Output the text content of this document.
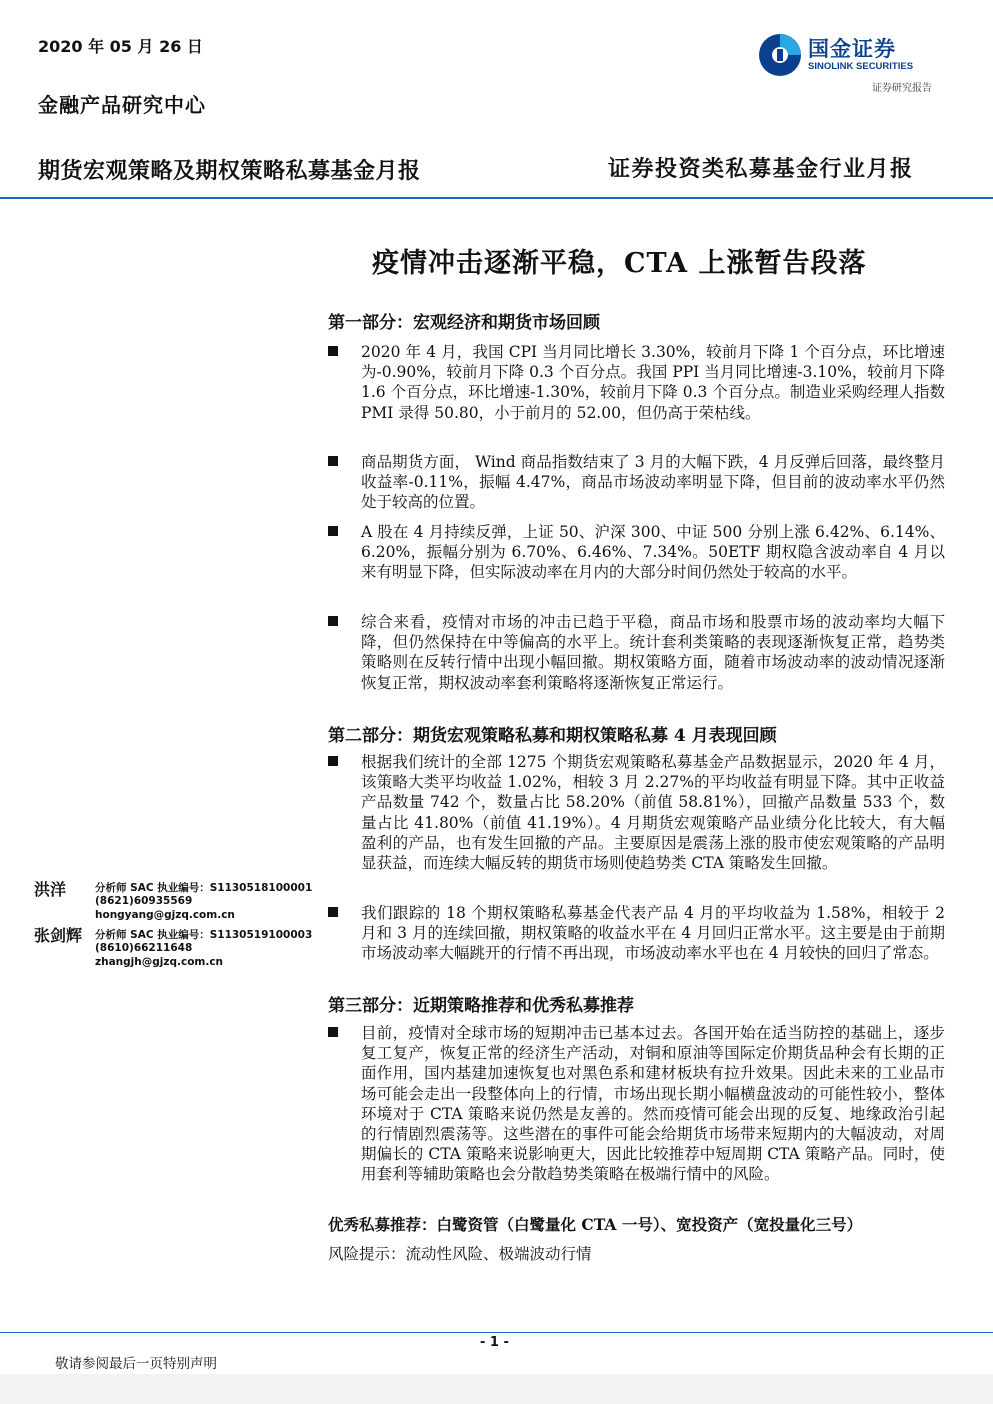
2020 年 05 月 26 日
金融产品研究中心
国金证券
SINOLINK SECURITIES
证券研究报告
期货宏观策略及期权策略私募基金月报	证券投资类私募基金行业月报
疫情冲击逐渐平稳，CTA 上涨暂告段落
第一部分：宏观经济和期货市场回顾
2020 年 4 月，我国 CPI 当月同比增长 3.30%，较前月下降 1 个百分点，环比增速为-0.90%，较前月下降 0.3 个百分点。我国 PPI 当月同比增速-3.10%，较前月下降 1.6 个百分点，环比增速-1.30%，较前月下降 0.3 个百分点。制造业采购经理人指数 PMI 录得 50.80，小于前月的 52.00，但仍高于荣枯线。
商品期货方面， Wind 商品指数结束了 3 月的大幅下跌，4 月反弹后回落，最终整月收益率-0.11%，振幅 4.47%，商品市场波动率明显下降，但目前的波动率水平仍然处于较高的位置。
A 股在 4 月持续反弹，上证 50、沪深 300、中证 500 分别上涨 6.42%、6.14%、6.20%，振幅分别为 6.70%、6.46%、7.34%。50ETF 期权隐含波动率自 4 月以来有明显下降，但实际波动率在月内的大部分时间仍然处于较高的水平。
综合来看，疫情对市场的冲击已趋于平稳，商品市场和股票市场的波动率均大幅下降，但仍然保持在中等偏高的水平上。统计套利类策略的表现逐渐恢复正常，趋势类策略则在反转行情中出现小幅回撤。期权策略方面，随着市场波动率的波动情况逐渐恢复正常，期权波动率套利策略将逐渐恢复正常运行。
第二部分：期货宏观策略私募和期权策略私募 4 月表现回顾
根据我们统计的全部 1275 个期货宏观策略私募基金产品数据显示，2020 年 4 月，该策略大类平均收益 1.02%，相较 3 月 2.27%的平均收益有明显下降。其中正收益产品数量 742 个，数量占比 58.20%（前值 58.81%），回撤产品数量 533 个，数量占比 41.80%（前值 41.19%）。4 月期货宏观策略产品业绩分化比较大，有大幅盈利的产品，也有发生回撤的产品。主要原因是震荡上涨的股市使宏观策略的产品明显获益，而连续大幅反转的期货市场则使趋势类 CTA 策略发生回撤。
我们跟踪的 18 个期权策略私募基金代表产品 4 月的平均收益为 1.58%，相较于 2 月和 3 月的连续回撤，期权策略的收益水平在 4 月回归正常水平。这主要是由于前期市场波动率大幅跳开的行情不再出现，市场波动率水平也在 4 月较快的回归了常态。
第三部分：近期策略推荐和优秀私募推荐
目前，疫情对全球市场的短期冲击已基本过去。各国开始在适当防控的基础上，逐步复工复产，恢复正常的经济生产活动，对铜和原油等国际定价期货品种会有长期的正面作用，国内基建加速恢复也对黑色系和建材板块有拉升效果。因此未来的工业品市场可能会走出一段整体向上的行情，市场出现长期小幅横盘波动的可能性较小，整体环境对于 CTA 策略来说仍然是友善的。然而疫情可能会出现的反复、地缘政治引起的行情剧烈震荡等。这些潜在的事件可能会给期货市场带来短期内的大幅波动，对周期偏长的 CTA 策略来说影响更大，因此比较推荐中短周期 CTA 策略产品。同时，使用套利等辅助策略也会分散趋势类策略在极端行情中的风险。
优秀私募推荐：白鹭资管（白鹭量化 CTA 一号）、宽投资产（宽投量化三号）
风险提示：流动性风险、极端波动行情
洪洋	分析师 SAC 执业编号：S1130518100001
(8621)60935569
hongyang@gjzq.com.cn
张剑辉 分析师 SAC 执业编号：S1130519100003
(8610)66211648
zhangjh@gjzq.com.cn
- 1 -
敬请参阅最后一页特别声明
